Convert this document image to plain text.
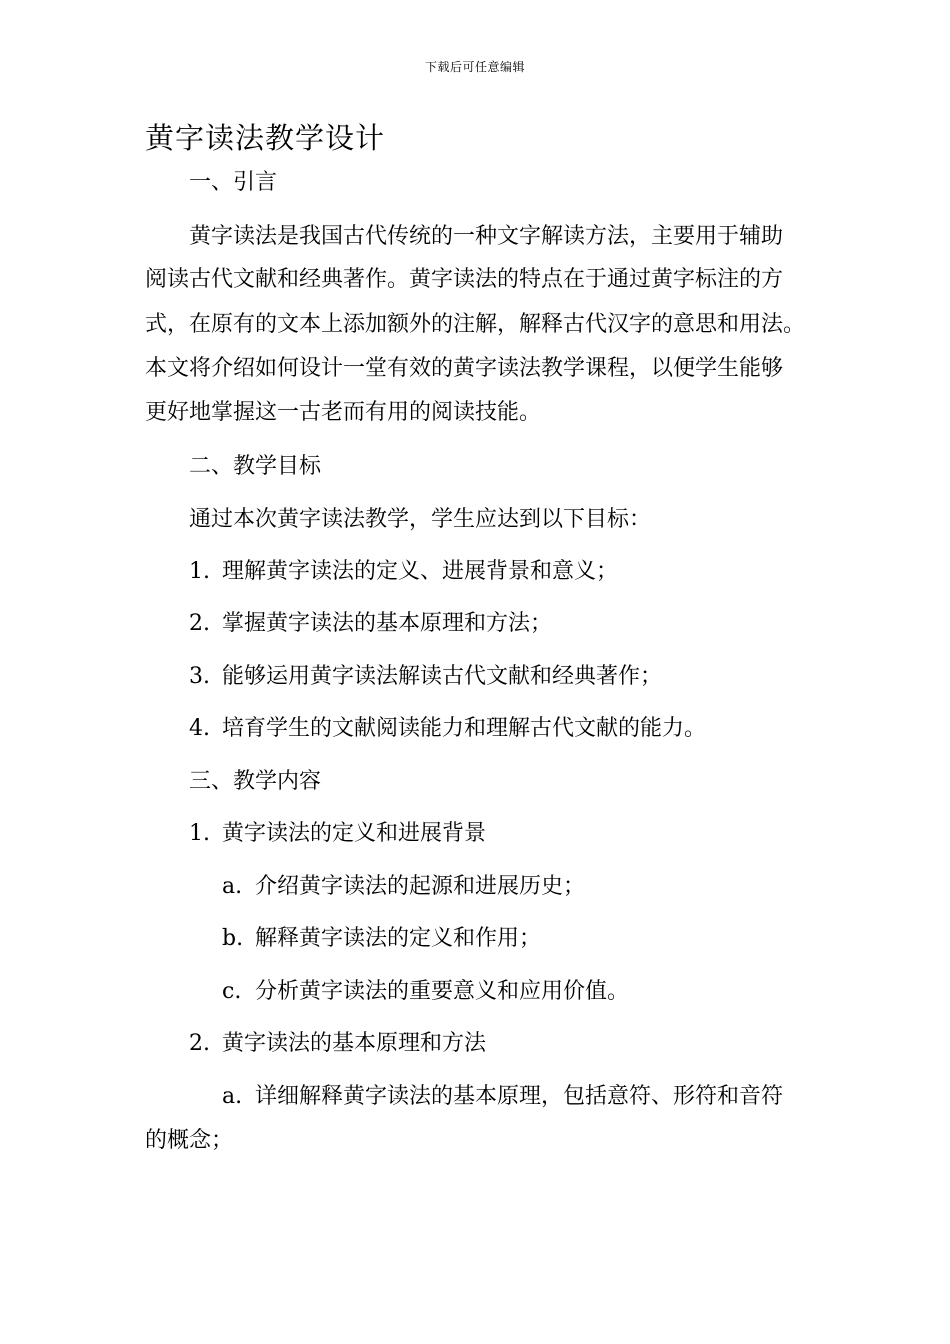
下载后可任意编辑
黄字读法教学设计
一、引言
黄字读法是我国古代传统的一种文字解读方法，主要用于辅助
阅读古代文献和经典著作。黄字读法的特点在于通过黄字标注的方
式，在原有的文本上添加额外的注解，解释古代汉字的意思和用法。
本文将介绍如何设计一堂有效的黄字读法教学课程，以便学生能够
更好地掌握这一古老而有用的阅读技能。
二、教学目标
通过本次黄字读法教学，学生应达到以下目标：
1. 理解黄字读法的定义、进展背景和意义；
2. 掌握黄字读法的基本原理和方法；
3. 能够运用黄字读法解读古代文献和经典著作；
4. 培育学生的文献阅读能力和理解古代文献的能力。
三、教学内容
1. 黄字读法的定义和进展背景
a. 介绍黄字读法的起源和进展历史；
b. 解释黄字读法的定义和作用；
c. 分析黄字读法的重要意义和应用价值。
2. 黄字读法的基本原理和方法
a. 详细解释黄字读法的基本原理，包括意符、形符和音符
的概念；
